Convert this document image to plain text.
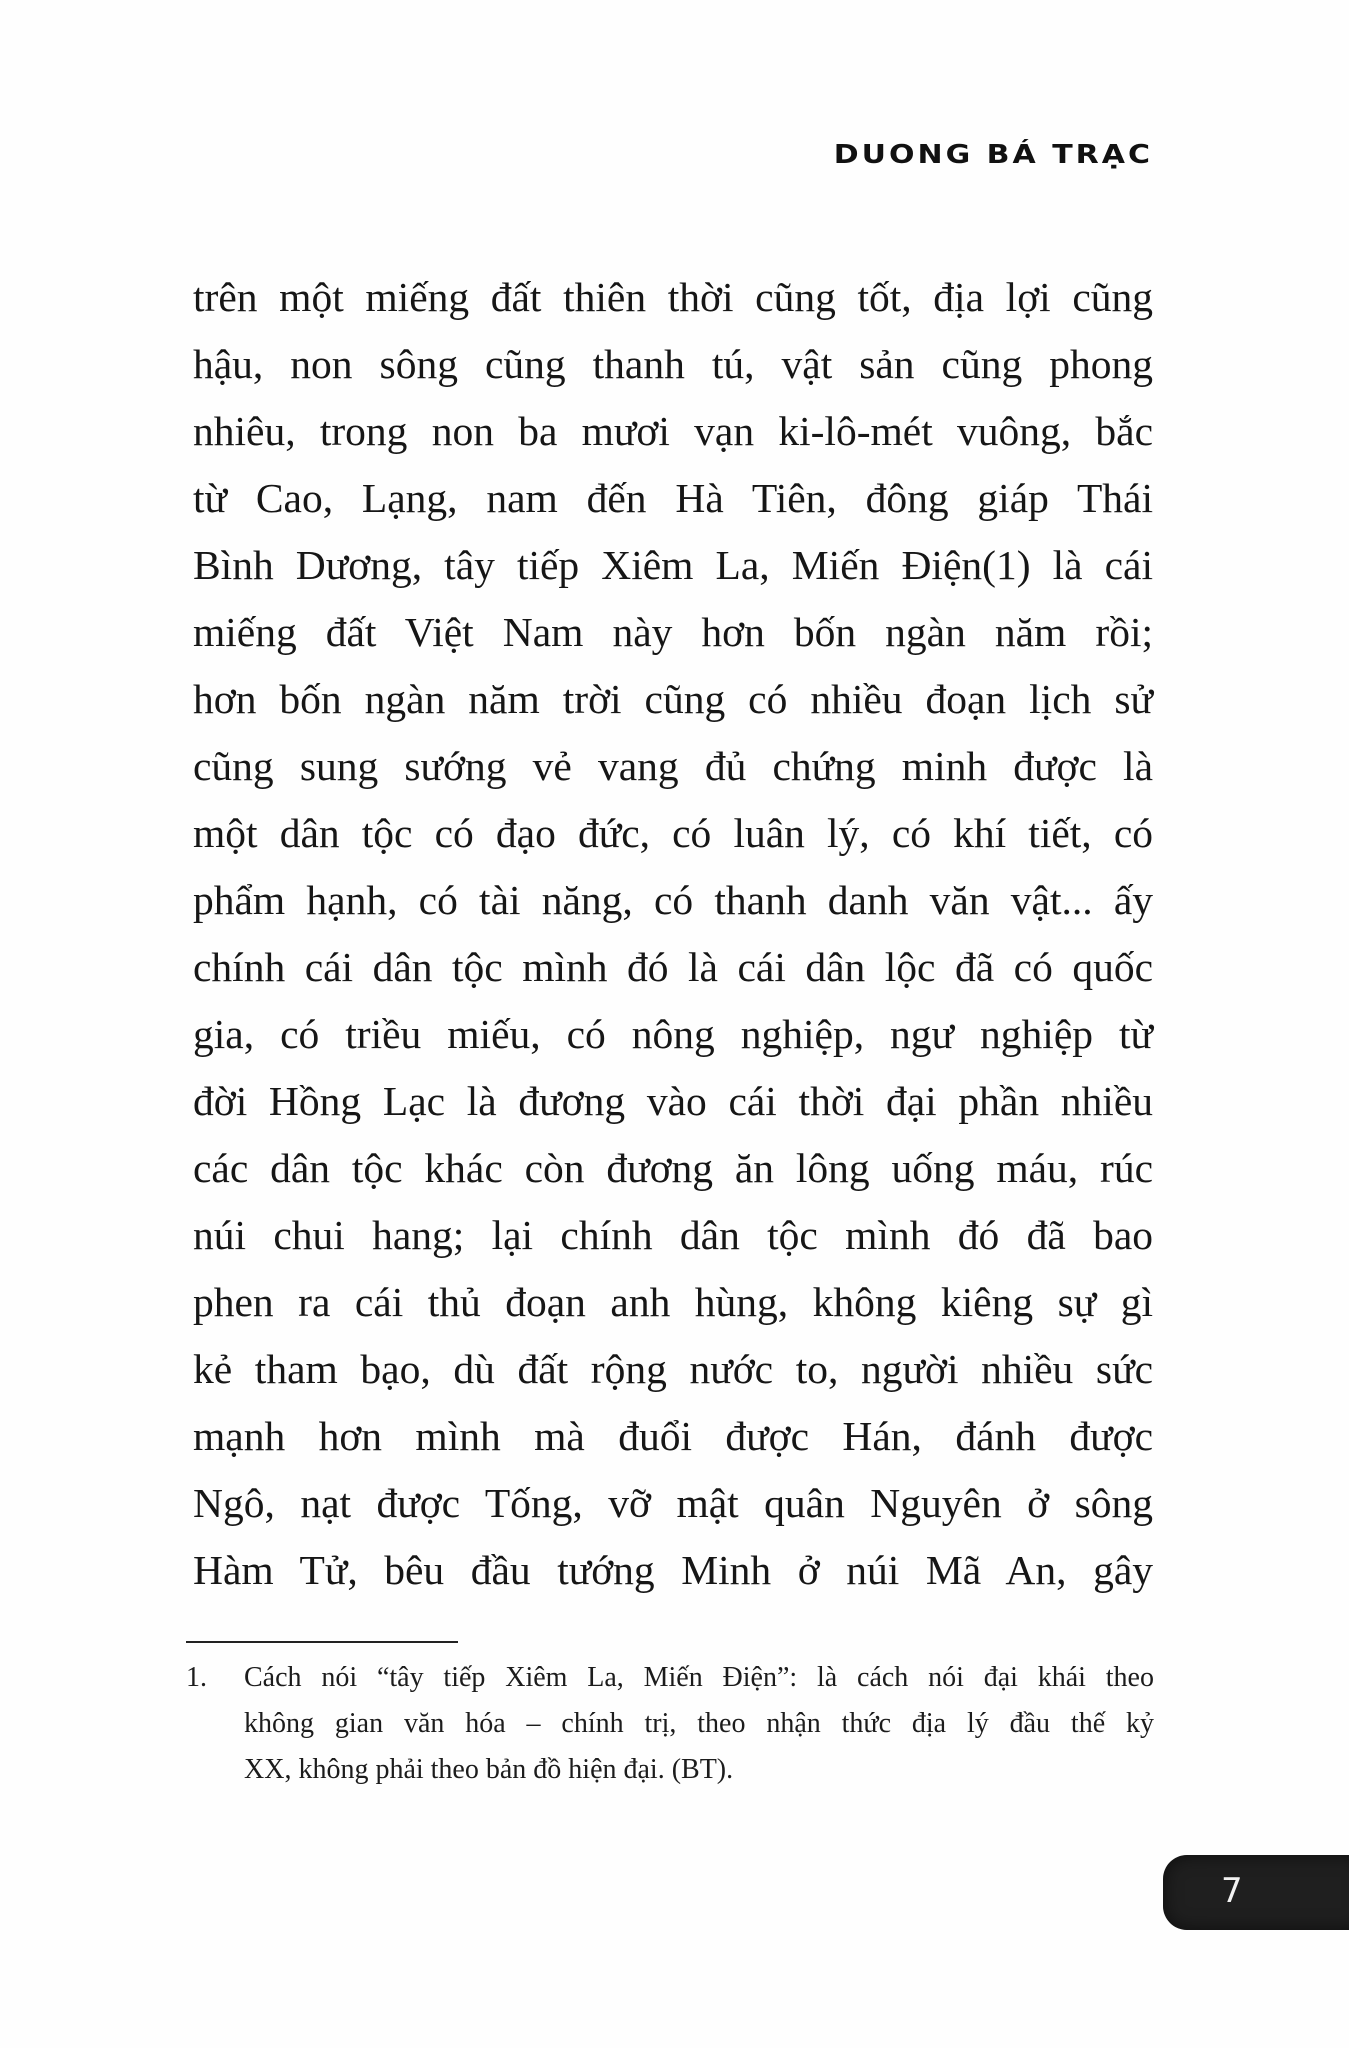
DUONG BÁ TRẠC
trên một miếng đất thiên thời cũng tốt, địa lợi cũng
hậu, non sông cũng thanh tú, vật sản cũng phong
nhiêu, trong non ba mươi vạn ki-lô-mét vuông, bắc
từ Cao, Lạng, nam đến Hà Tiên, đông giáp Thái
Bình Dương, tây tiếp Xiêm La, Miến Điện(1) là cái
miếng đất Việt Nam này hơn bốn ngàn năm rồi;
hơn bốn ngàn năm trời cũng có nhiều đoạn lịch sử
cũng sung sướng vẻ vang đủ chứng minh được là
một dân tộc có đạo đức, có luân lý, có khí tiết, có
phẩm hạnh, có tài năng, có thanh danh văn vật... ấy
chính cái dân tộc mình đó là cái dân lộc đã có quốc
gia, có triều miếu, có nông nghiệp, ngư nghiệp từ
đời Hồng Lạc là đương vào cái thời đại phần nhiều
các dân tộc khác còn đương ăn lông uống máu, rúc
núi chui hang; lại chính dân tộc mình đó đã bao
phen ra cái thủ đoạn anh hùng, không kiêng sự gì
kẻ tham bạo, dù đất rộng nước to, người nhiều sức
mạnh hơn mình mà đuổi được Hán, đánh được
Ngô, nạt được Tống, vỡ mật quân Nguyên ở sông
Hàm Tử, bêu đầu tướng Minh ở núi Mã An, gây
1.	Cách nói “tây tiếp Xiêm La, Miến Điện”: là cách nói đại khái theo
không gian văn hóa – chính trị, theo nhận thức địa lý đầu thế kỷ
XX, không phải theo bản đồ hiện đại. (BT).
7
